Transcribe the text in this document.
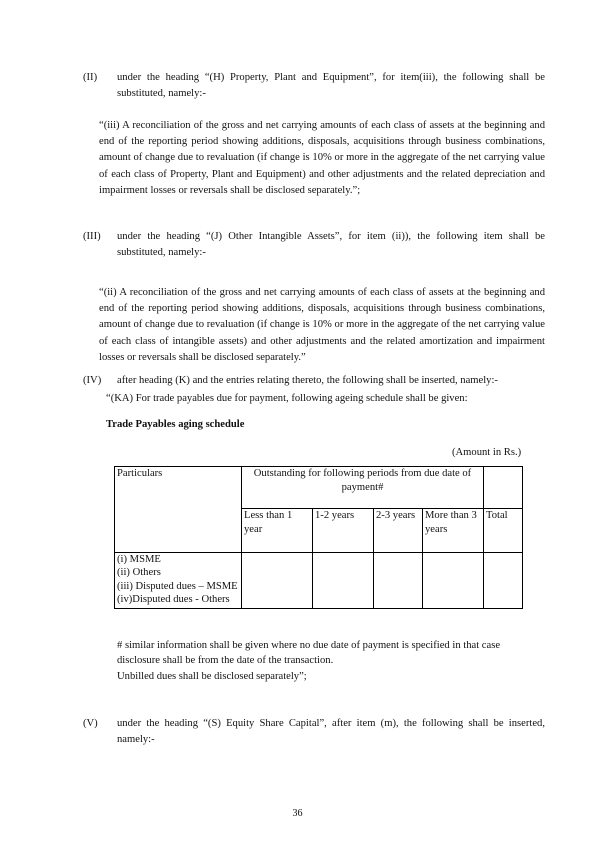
(II) under the heading “(H) Property, Plant and Equipment”, for item(iii), the following shall be substituted, namely:-

“(iii) A reconciliation of the gross and net carrying amounts of each class of assets at the beginning and end of the reporting period showing additions, disposals, acquisitions through business combinations, amount of change due to revaluation (if change is 10% or more in the aggregate of the net carrying value of each class of Property, Plant and Equipment) and other adjustments and the related depreciation and impairment losses or reversals shall be disclosed separately.”;

(III) under the heading “(J) Other Intangible Assets”, for item (ii)), the following item shall be substituted, namely:-

“(ii) A reconciliation of the gross and net carrying amounts of each class of assets at the beginning and end of the reporting period showing additions, disposals, acquisitions through business combinations, amount of change due to revaluation (if change is 10% or more in the aggregate of the net carrying value of each class of intangible assets) and other adjustments and the related amortization and impairment losses or reversals shall be disclosed separately.”

(IV) after heading (K) and the entries relating thereto, the following shall be inserted, namely:-

“(KA) For trade payables due for payment, following ageing schedule shall be given:

Trade Payables aging schedule
(Amount in Rs.)
Particulars	Outstanding for following periods from due date of payment#				
	Less than 1 year	1-2 years	2-3 years	More than 3 years	Total

(i) MSME
(ii) Others
(iii) Disputed dues – MSME
(iv)Disputed dues - Others					

# similar information shall be given where no due date of payment is specified in that case disclosure shall be from the date of the transaction.
Unbilled dues shall be disclosed separately”;
(V) under the heading “(S) Equity Share Capital”, after item (m), the following shall be inserted, namely:-

36
